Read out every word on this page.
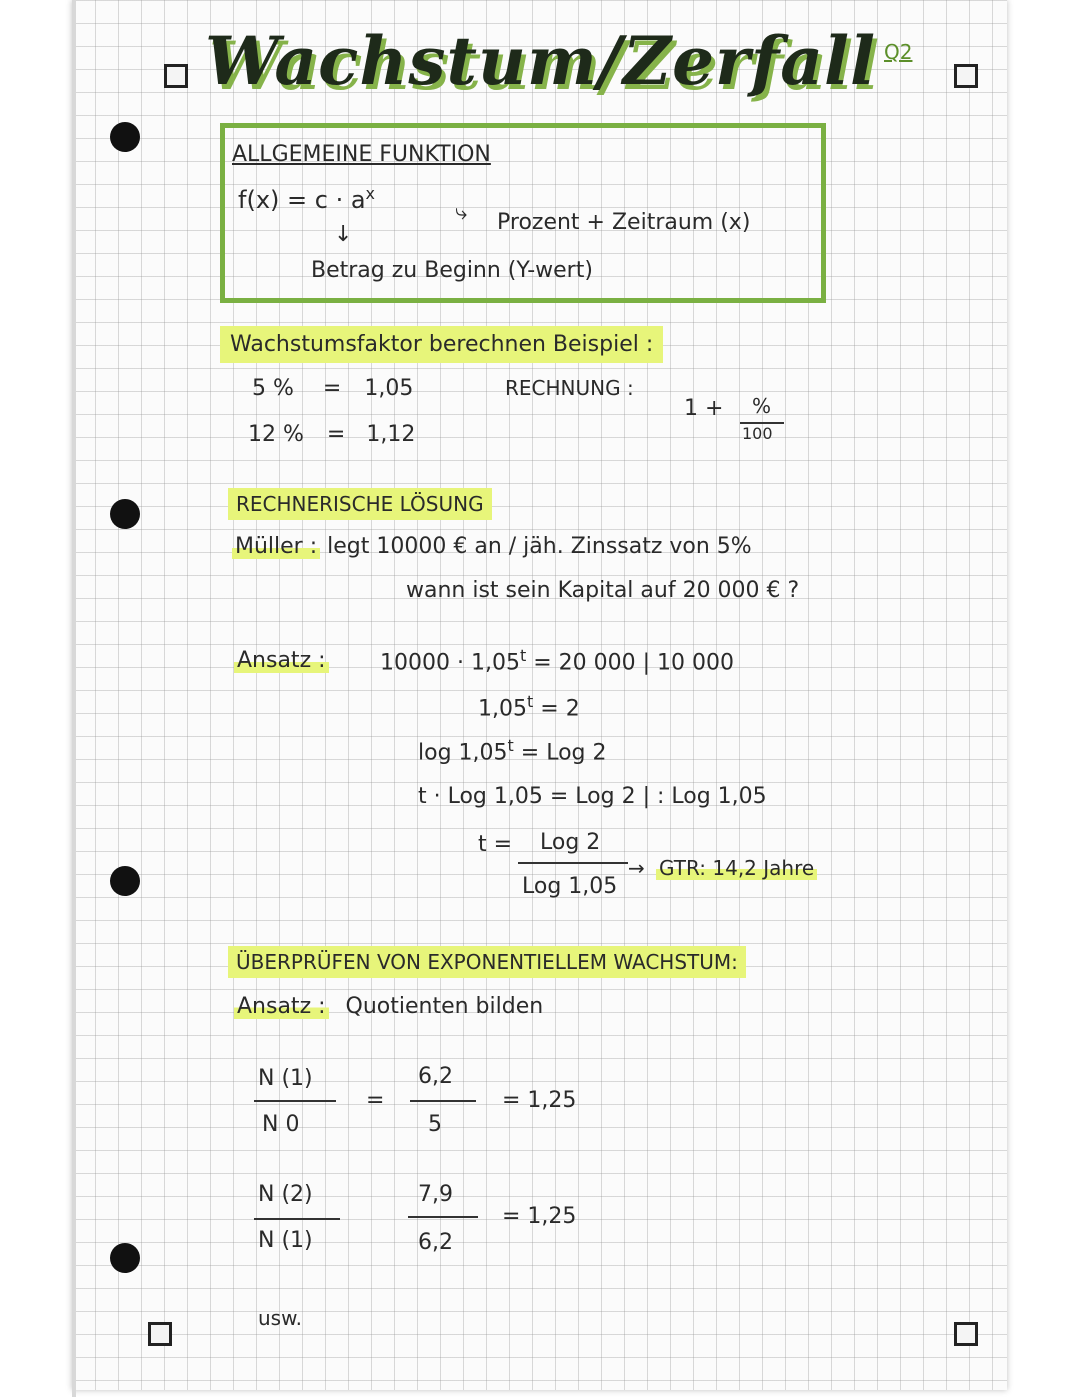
Wachstum/Zerfall Q2
ALLGEMEINE FUNKTION
$f(x) = c \cdot a^x$
⤷ Prozent + Zeitraum (x)
↓
Betrag zu Beginn (Y-wert)
Wachstumsfaktor berechnen Beispiel :
5 % = 1,05
12 % = 1,12
RECHNUNG :
1 + %
100
RECHNERISCHE LÖSUNG
Müller : legt 10000 € an / jäh. Zinssatz von 5%
wann ist sein Kapital auf 20 000 € ?
Ansatz : $10000 \cdot 1,05^t = 20$ 000 | 10 000
$1,05^t = 2$
$\log 1,05^t$ = Log 2
t · Log 1,05 = Log 2 | : Log 1,05
t = Log 2
Log 1,05
→ GTR: 14,2 Jahre
ÜBERPRÜFEN VON EXPONENTIELLEM WACHSTUM:
Ansatz : Quotienten bilden
N (1)
N 0
=
6,2
5
= 1,25
N (2)
N (1)
7,9
6,2
= 1,25
usw.
